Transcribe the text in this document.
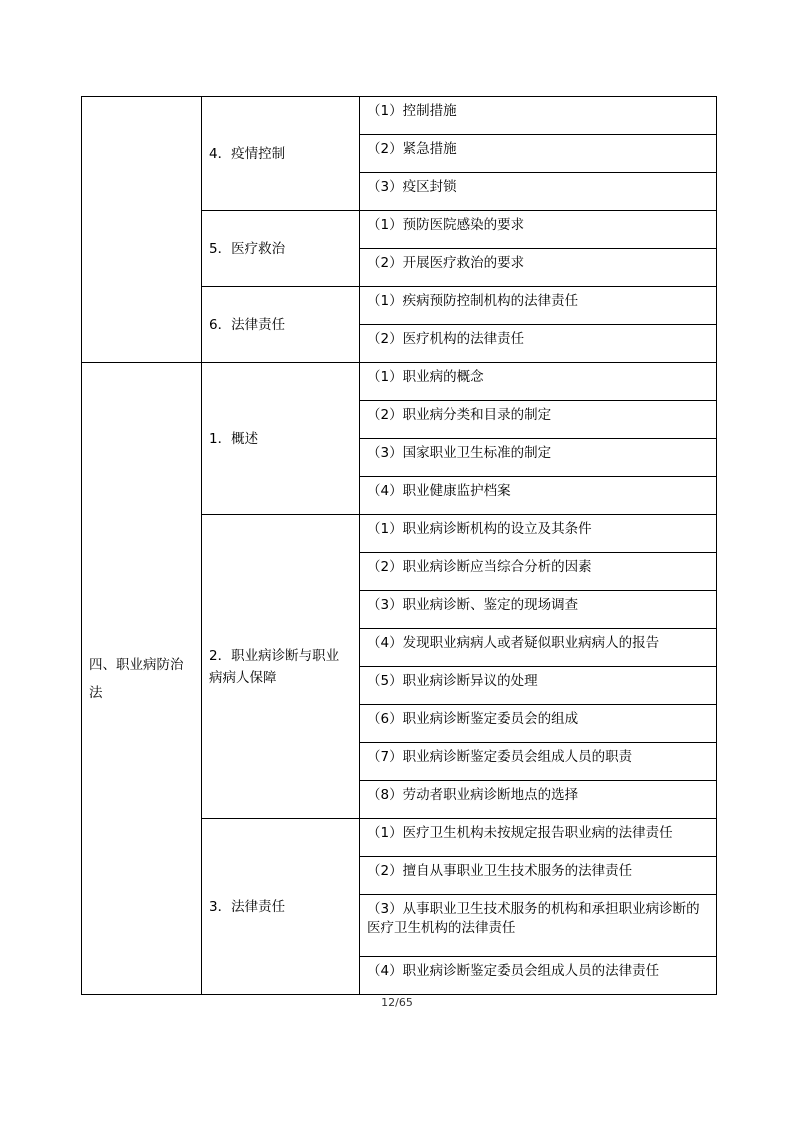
	4．疫情控制	（1）控制措施
		（2）紧急措施
		（3）疫区封锁
	5．医疗救治	（1）预防医院感染的要求
		（2）开展医疗救治的要求
	6．法律责任	（1）疾病预防控制机构的法律责任
		（2）医疗机构的法律责任
四、职业病防治法	1．概述	（1）职业病的概念
		（2）职业病分类和目录的制定
		（3）国家职业卫生标准的制定
		（4）职业健康监护档案
	2．职业病诊断与职业病病人保障	（1）职业病诊断机构的设立及其条件
		（2）职业病诊断应当综合分析的因素
		（3）职业病诊断、鉴定的现场调查
		（4）发现职业病病人或者疑似职业病病人的报告
		（5）职业病诊断异议的处理
		（6）职业病诊断鉴定委员会的组成
		（7）职业病诊断鉴定委员会组成人员的职责
		（8）劳动者职业病诊断地点的选择
	3．法律责任	（1）医疗卫生机构未按规定报告职业病的法律责任
		（2）擅自从事职业卫生技术服务的法律责任
		（3）从事职业卫生技术服务的机构和承担职业病诊断的医疗卫生机构的法律责任
		（4）职业病诊断鉴定委员会组成人员的法律责任
12/65
